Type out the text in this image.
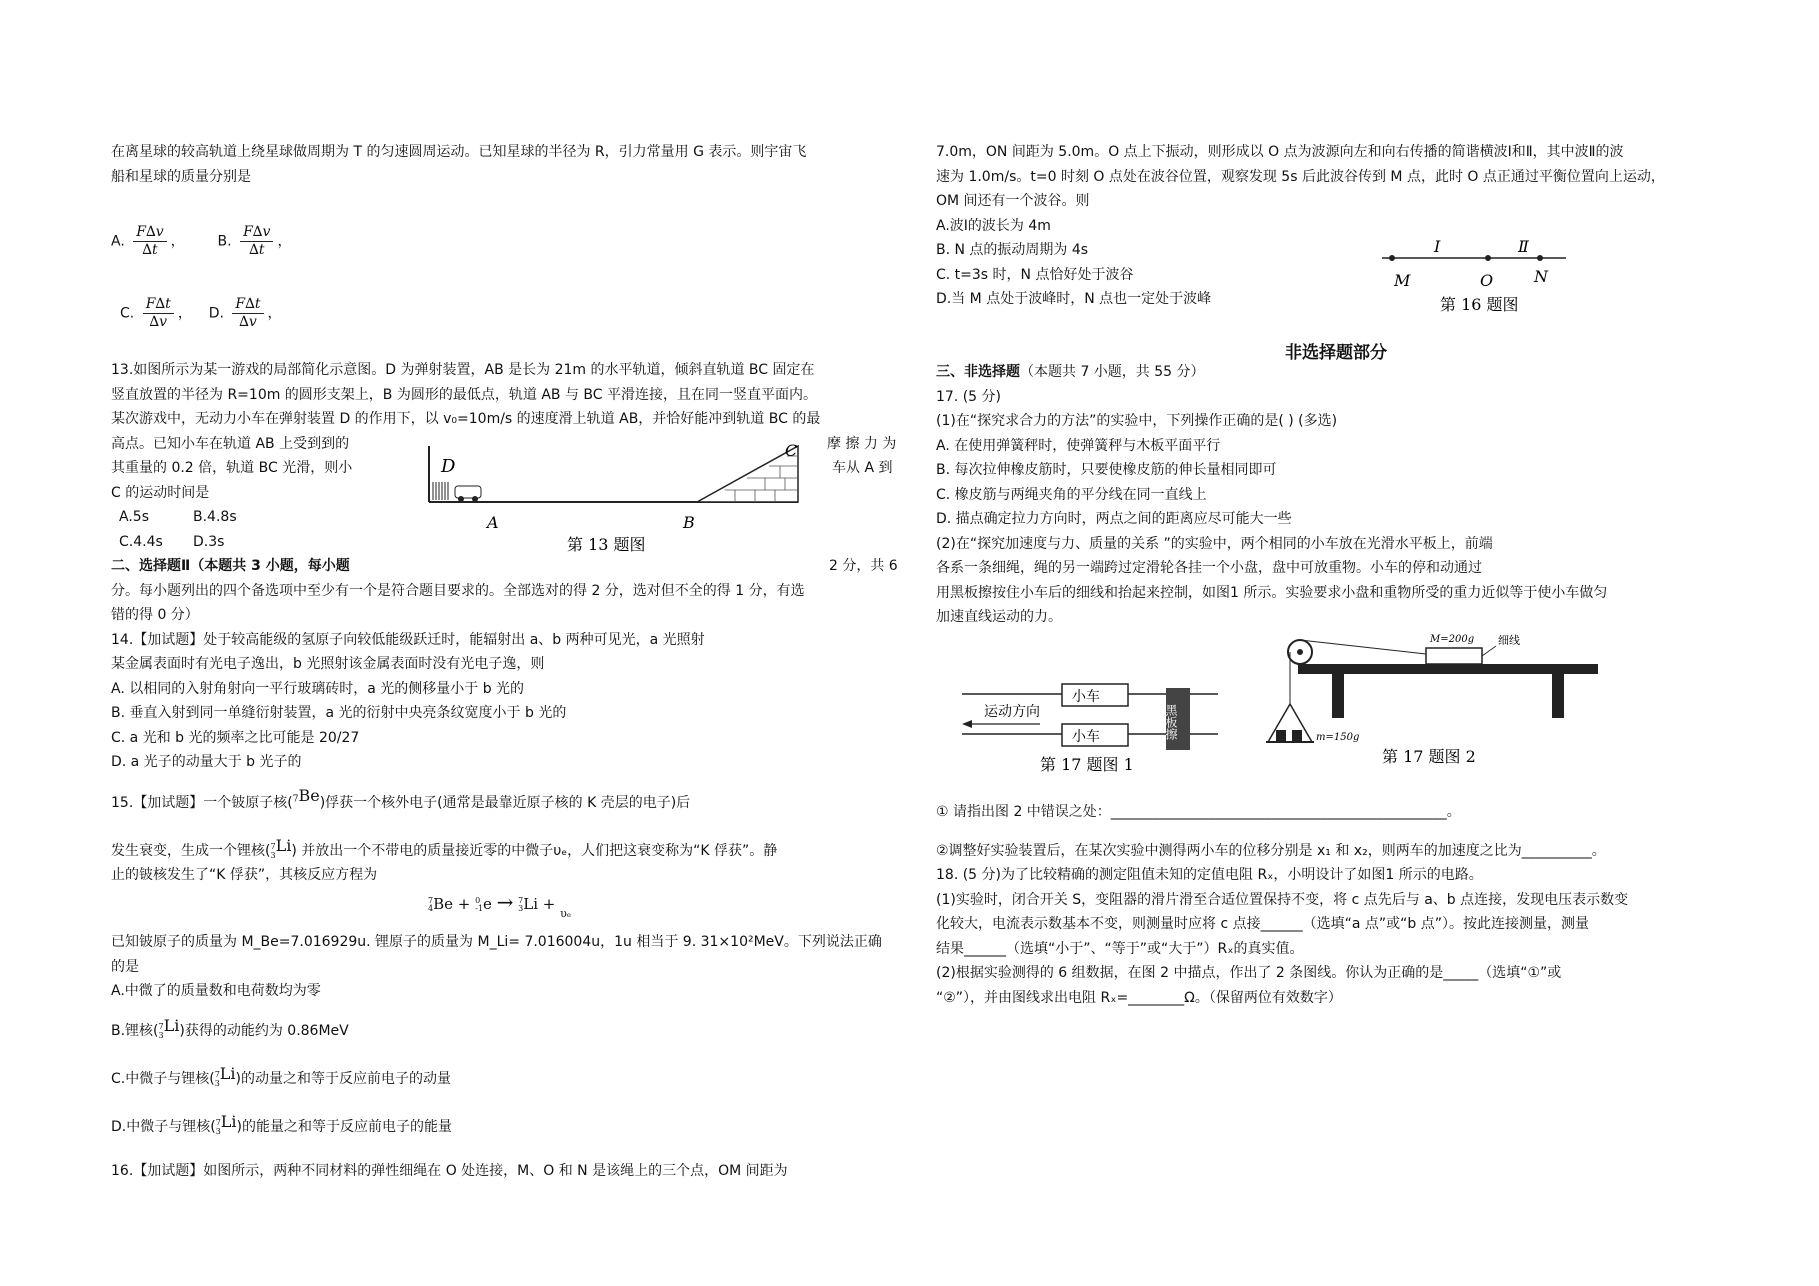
在离星球的较高轨道上绕星球做周期为 T 的匀速圆周运动。已知星球的半径为 R，引力常量用 G 表示。则宇宙飞

船和星球的质量分别是

A. $\frac{F\Delta v}{\Delta t}$ ， B. $\frac{F\Delta v}{\Delta t}$ ，
C. $\frac{F\Delta t}{\Delta v}$ ， D. $\frac{F\Delta t}{\Delta v}$ ，

13.如图所示为某一游戏的局部简化示意图。D 为弹射装置，AB 是长为 21m 的水平轨道，倾斜直轨道 BC 固定在

竖直放置的半径为 R=10m 的圆形支架上，B 为圆形的最低点，轨道 AB 与 BC 平滑连接，且在同一竖直平面内。

某次游戏中，无动力小车在弹射装置 D 的作用下，以 v₀=10m/s 的速度滑上轨道 AB，并恰好能冲到轨道 BC 的最

高点。已知小车在轨道 AB 上受到到的	摩 擦 力 为
其重量的 0.2 倍，轨道 BC 光滑，则小	车从 A 到

C 的运动时间是

A.5s	B.4.8s
C.4.4s D.3s
D
A	B
C
第 13 题图
二、选择题Ⅱ（本题共 3 小题，每小题	2 分，共 6

分。每小题列出的四个备选项中至少有一个是符合题目要求的。全部选对的得 2 分，选对但不全的得 1 分，有选

错的得 0 分）

14.【加试题】处于较高能级的氢原子向较低能级跃迁时，能辐射出 a、b 两种可见光，a 光照射

某金属表面时有光电子逸出，b 光照射该金属表面时没有光电子逸，则

A. 以相同的入射角射向一平行玻璃砖时，a 光的侧移量小于 b 光的

B. 垂直入射到同一单缝衍射装置，a 光的衍射中央亮条纹宽度小于 b 光的

C. a 光和 b 光的频率之比可能是 20/27

D. a 光子的动量大于 b 光子的

15.【加试题】一个铍原子核($^7$Be)俘获一个核外电子(通常是最靠近原子核的 K 壳层的电子)后
发生衰变，生成一个锂核( 7
3
Li) 并放出一个不带电的质量接近零的中微子υₑ，人们把这衰变称为“K 俘获”。静
止的铍核发生了“K 俘获”，其核反应方程为
7
4 Be + 0
-1 e → 7
3 Li + $_{\upsilon_e}$

已知铍原子的质量为 M_Be=7.016929u. 锂原子的质量为 M_Li= 7.016004u，1u 相当于 9. 31×10²MeV。下列说法正确

的是

A.中微了的质量数和电荷数均为零

B.锂核( 7
3
Li)获得的动能约为 0.86MeV
C.中微子与锂核( 7
3
Li)的动量之和等于反应前电子的动量
D.中微子与锂核( 7
3
Li)的能量之和等于反应前电子的能量
16.【加试题】如图所示，两种不同材料的弹性细绳在 O 处连接，M、O 和 N 是该绳上的三个点，OM 间距为

7.0m，ON 间距为 5.0m。O 点上下振动，则形成以 O 点为波源向左和向右传播的简谐横波Ⅰ和Ⅱ，其中波Ⅱ的波

速为 1.0m/s。t=0 时刻 O 点处在波谷位置，观察发现 5s 后此波谷传到 M 点，此时 O 点正通过平衡位置向上运动，

OM 间还有一个波谷。则

A.波Ⅰ的波长为 4m

B. N 点的振动周期为 4s

C. t=3s 时，N 点恰好处于波谷

D.当 M 点处于波峰时，N 点也一定处于波峰

Ⅰ	Ⅱ
M	O	N
第 16 题图
非选择题部分

三、非选择题（本题共 7 小题，共 55 分）

17. (5 分)

(1)在“探究求合力的方法”的实验中，下列操作正确的是( ) (多选)

A. 在使用弹簧秤时，使弹簧秤与木板平面平行

B. 每次拉伸橡皮筋时，只要使橡皮筋的伸长量相同即可

C. 橡皮筋与两绳夹角的平分线在同一直线上

D. 描点确定拉力方向时，两点之间的距离应尽可能大一些

(2)在“探究加速度与力、质量的关系 ”的实验中，两个相同的小车放在光滑水平板上，前端

各系一条细绳，绳的另一端跨过定滑轮各挂一个小盘，盘中可放重物。小车的停和动通过

用黑板擦按住小车后的细线和抬起来控制，如图1 所示。实验要求小盘和重物所受的重力近似等于使小车做匀

加速直线运动的力。

小车
小车
运动方向	黑板擦
第 17 题图 1
M=200g 细线
m=150g
第 17 题图 2

① 请指出图 2 中错误之处：________________________________________________。

②调整好实验装置后，在某次实验中测得两小车的位移分别是 x₁ 和 x₂，则两车的加速度之比为__________。

18. (5 分)为了比较精确的测定阻值未知的定值电阻 Rₓ，小明设计了如图1 所示的电路。

(1)实验时，闭合开关 S，变阻器的滑片滑至合适位置保持不变，将 c 点先后与 a、b 点连接，发现电压表示数变

化较大，电流表示数基本不变，则测量时应将 c 点接______（选填“a 点”或“b 点”）。按此连接测量，测量

结果______（选填“小于”、“等于”或“大于”）Rₓ的真实值。

(2)根据实验测得的 6 组数据，在图 2 中描点，作出了 2 条图线。你认为正确的是_____（选填“①”或

“②”），并由图线求出电阻 Rₓ=________Ω。（保留两位有效数字）
